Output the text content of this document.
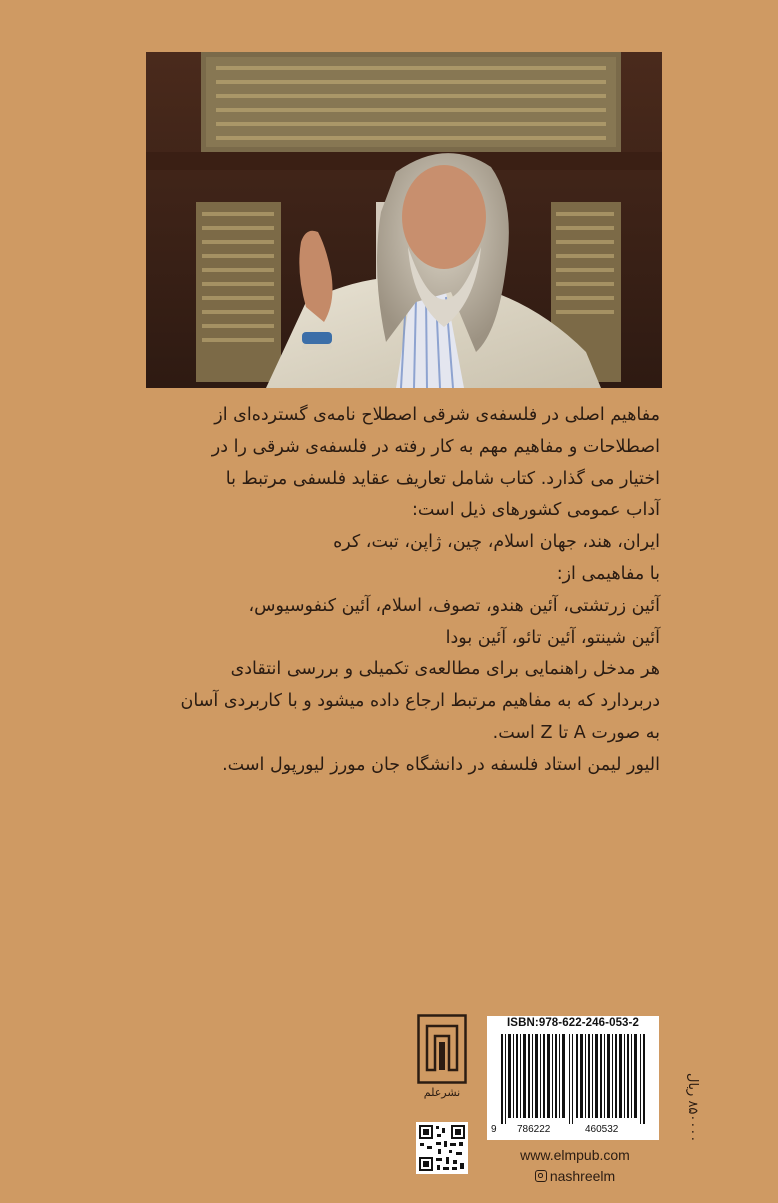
مفاهیم اصلی در فلسفه‌ی شرقی اصطلاح نامه‌ی گسترده‌ای از
اصطلاحات و مفاهیم مهم به کار رفته در فلسفه‌ی شرقی را در
اختیار می گذارد. کتاب شامل تعاریف عقاید فلسفی مرتبط با
آداب عمومی کشورهای ذیل است:
ایران، هند، جهان اسلام، چین، ژاپن، تبت، کره
با مفاهیمی از:
آئین زرتشتی، آئین هندو، تصوف، اسلام، آئین کنفوسیوس،
آئین شینتو، آئین تائو، آئین بودا
هر مدخل راهنمایی برای مطالعه‌ی تکمیلی و بررسی انتقادی
دربردارد که به مفاهیم مرتبط ارجاع داده میشود و با کاربردی آسان
به صورت A تا Z است.
الیور لیمن استاد فلسفه در دانشگاه جان مورز لیورپول است.

نشرعلم
ISBN:978-622-246-053-2
9 786222	460532
۸۵۰۰۰۰ ریال
www.elmpub.com
nashreelm
